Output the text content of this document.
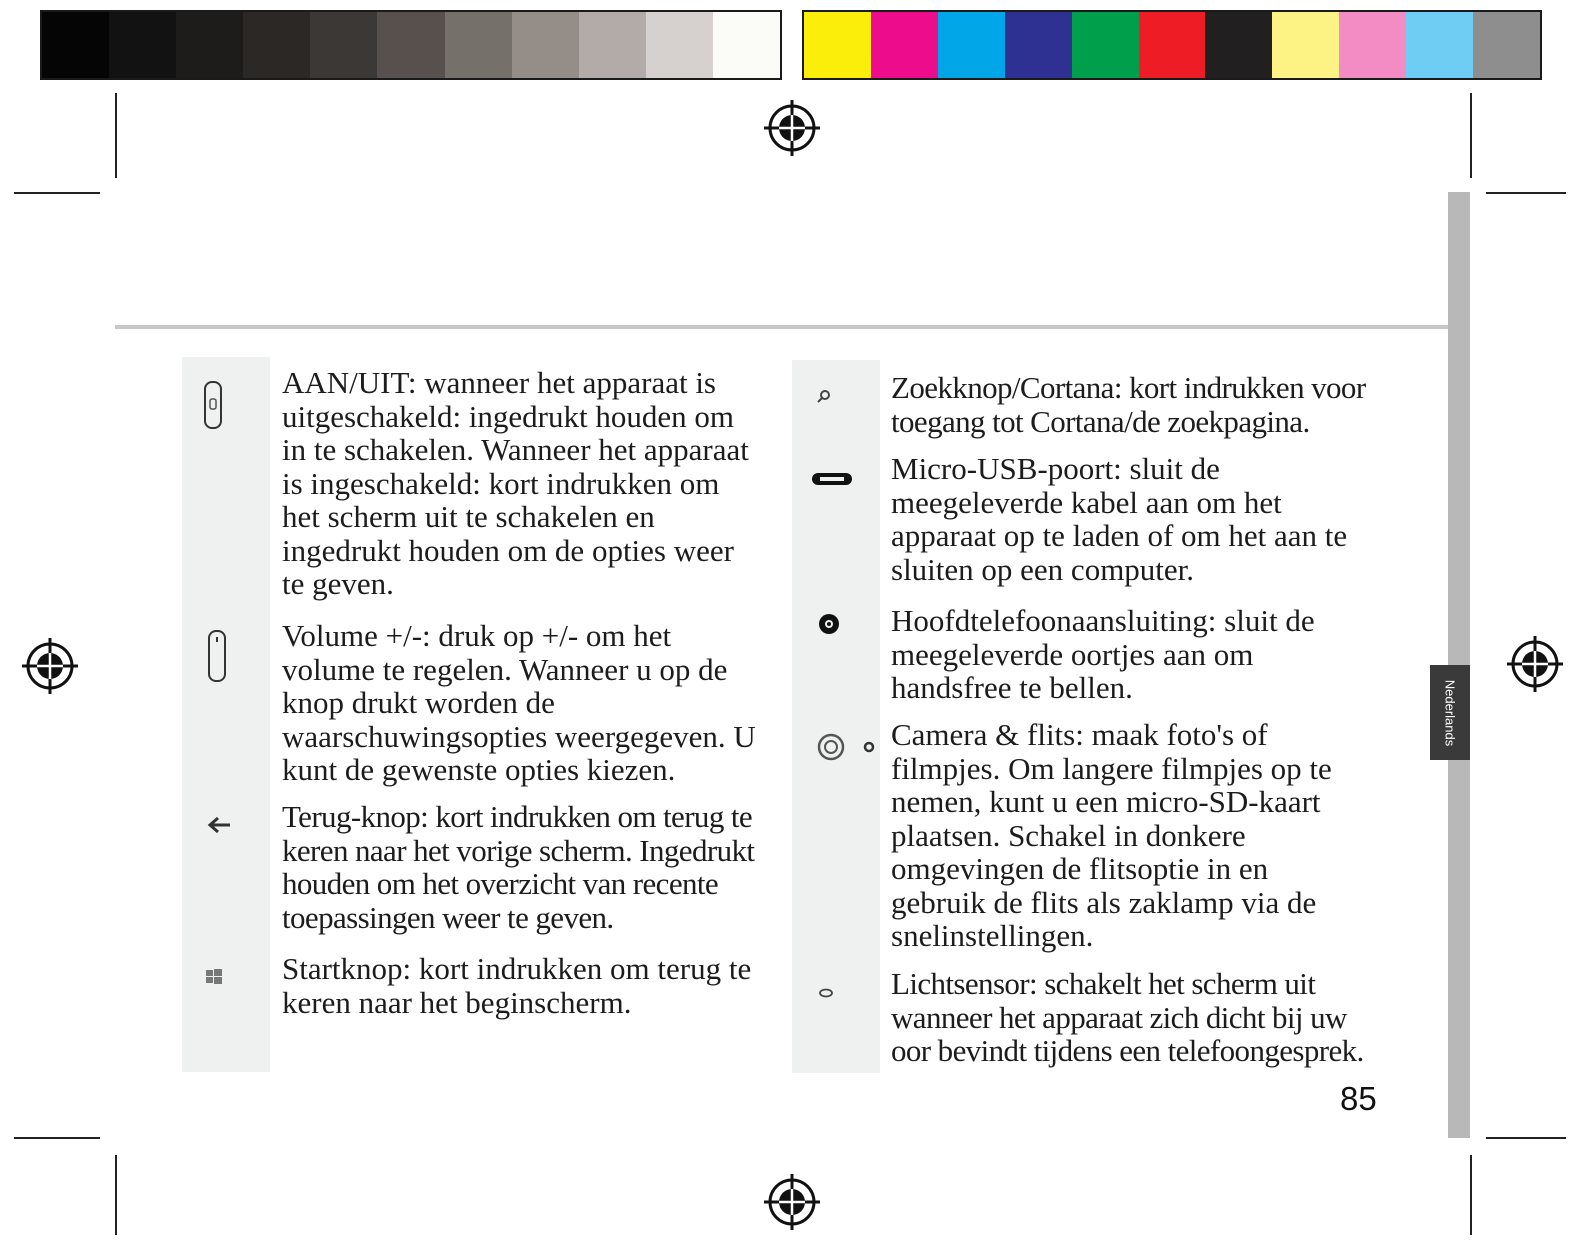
Nederlands

AAN/UIT: wanneer het apparaat is uitgeschakeld: ingedrukt houden om in te schakelen. Wanneer het apparaat is ingeschakeld: kort indrukken om het scherm uit te schakelen en ingedrukt houden om de opties weer te geven.

Volume +/-: druk op +/- om het volume te regelen. Wanneer u op de knop drukt worden de waarschuwingsopties weergegeven. U kunt de gewenste opties kiezen.

Terug-knop: kort indrukken om terug te keren naar het vorige scherm. Ingedrukt houden om het overzicht van recente toepassingen weer te geven.

Startknop: kort indrukken om terug te keren naar het beginscherm.

Zoekknop/Cortana: kort indrukken voor toegang tot Cortana/de zoekpagina.

Micro-USB-poort: sluit de meegeleverde kabel aan om het apparaat op te laden of om het aan te sluiten op een computer.

Hoofdtelefoonaansluiting: sluit de meegeleverde oortjes aan om handsfree te bellen.

Camera & flits: maak foto's of filmpjes. Om langere filmpjes op te nemen, kunt u een micro-SD-kaart plaatsen. Schakel in donkere omgevingen de flitsoptie in en gebruik de flits als zaklamp via de snelinstellingen.

Lichtsensor: schakelt het scherm uit wanneer het apparaat zich dicht bij uw oor bevindt tijdens een telefoongesprek.

85
